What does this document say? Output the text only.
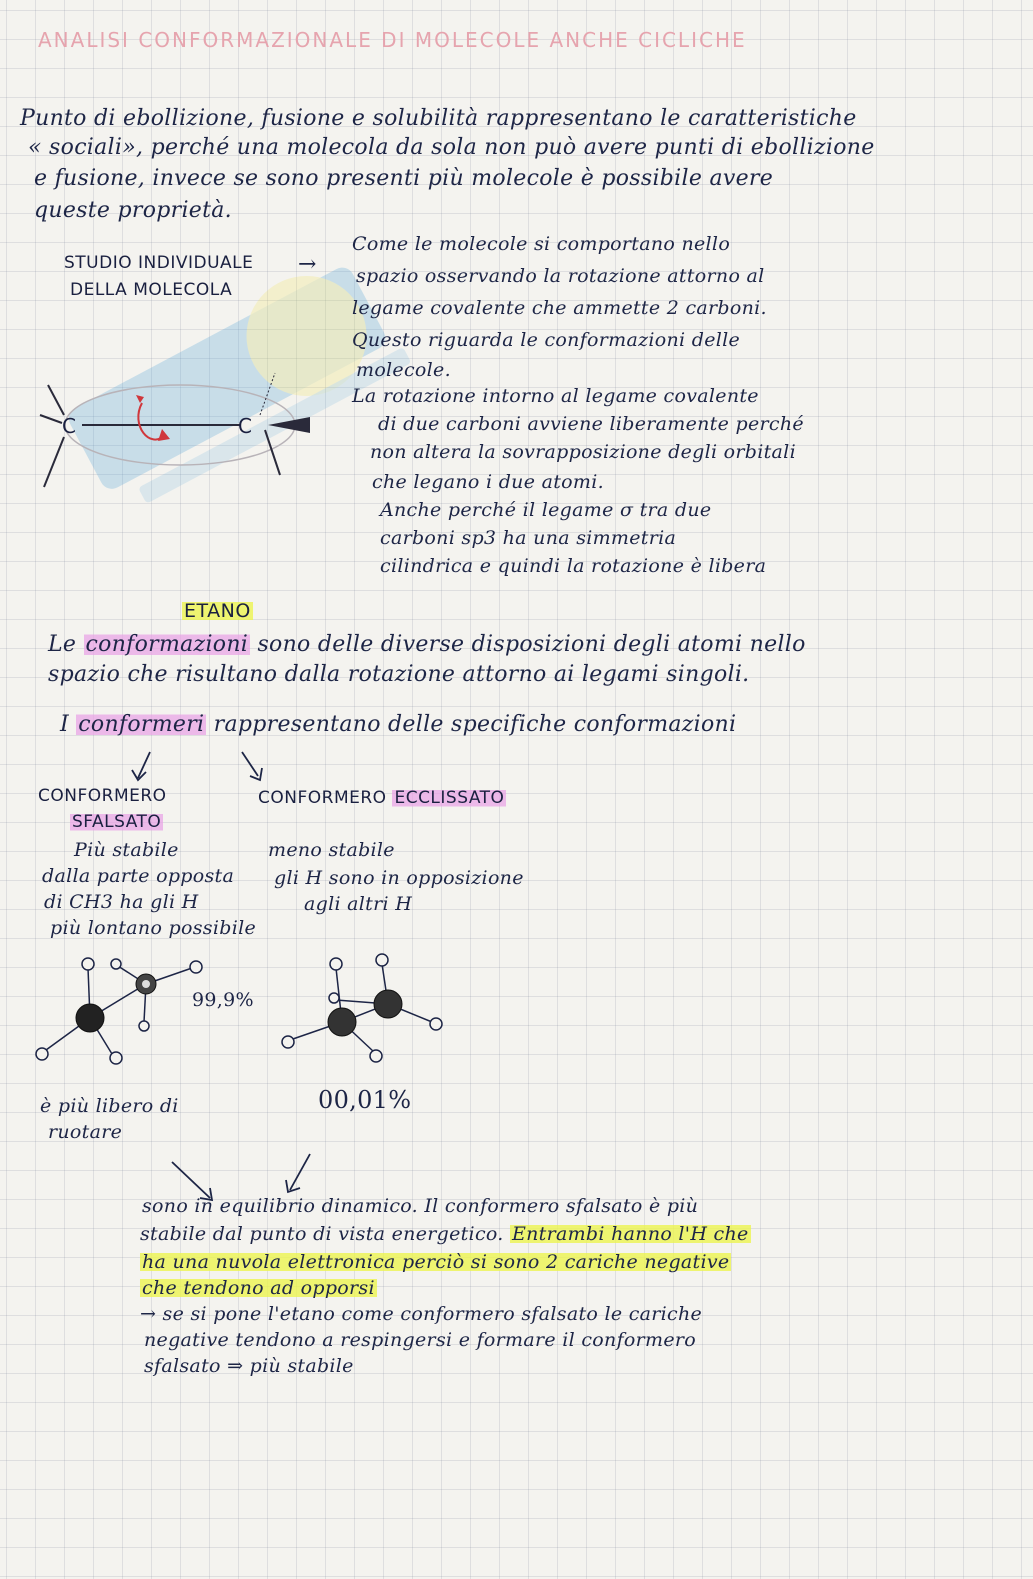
ANALISI CONFORMAZIONALE DI MOLECOLE ANCHE CICLICHE
Punto di ebollizione, fusione e solubilità rappresentano le caratteristiche
« sociali», perché una molecola da sola non può avere punti di ebollizione
e fusione, invece se sono presenti più molecole è possibile avere
queste proprietà.
STUDIO INDIVIDUALE
DELLA MOLECOLA
→
Come le molecole si comportano nello
spazio osservando la rotazione attorno al
legame covalente che ammette 2 carboni.
Questo riguarda le conformazioni delle
molecole.
La rotazione intorno al legame covalente
di due carboni avviene liberamente perché
non altera la sovrapposizione degli orbitali
che legano i due atomi.
Anche perché il legame σ tra due
carboni sp3 ha una simmetria
cilindrica e quindi la rotazione è libera
C	C
ETANO
Le conformazioni sono delle diverse disposizioni degli atomi nello
spazio che risultano dalla rotazione attorno ai legami singoli.
I conformeri rappresentano delle specifiche conformazioni
CONFORMERO
SFALSATO
Più stabile
dalla parte opposta
di CH3 ha gli H
più lontano possibile
CONFORMERO ECCLISSATO
meno stabile
gli H sono in opposizione
agli altri H
99,9%
00,01%
è più libero di
ruotare
sono in equilibrio dinamico. Il conformero sfalsato è più
stabile dal punto di vista energetico. Entrambi hanno l'H che
ha una nuvola elettronica perciò si sono 2 cariche negative
che tendono ad opporsi
→ se si pone l'etano come conformero sfalsato le cariche
negative tendono a respingersi e formare il conformero
sfalsato ⇒ più stabile
